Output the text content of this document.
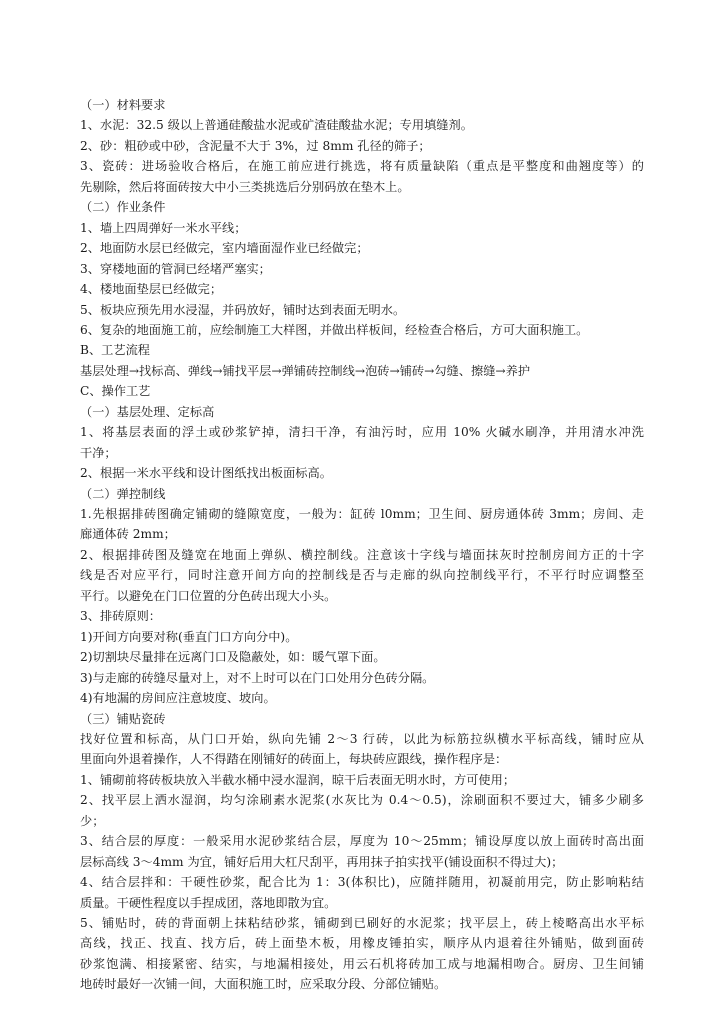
（一）材料要求
1、水泥：32.5 级以上普通硅酸盐水泥或矿渣硅酸盐水泥；专用填缝剂。
2、砂：粗砂或中砂，含泥量不大于 3%，过 8mm 孔径的筛子；
3、瓷砖：进场验收合格后，在施工前应进行挑选，将有质量缺陷（重点是平整度和曲翘度等）的
先剔除，然后将面砖按大中小三类挑选后分别码放在垫木上。
（二）作业条件
1、墙上四周弹好一米水平线；
2、地面防水层已经做完，室内墙面湿作业已经做完；
3、穿楼地面的管洞已经堵严塞实；
4、楼地面垫层已经做完；
5、板块应预先用水浸湿，并码放好，铺时达到表面无明水。
6、复杂的地面施工前，应绘制施工大样图，并做出样板间，经检查合格后，方可大面积施工。
B、工艺流程
基层处理→找标高、弹线→铺找平层→弹铺砖控制线→泡砖→铺砖→勾缝、擦缝→养护
C、操作工艺
（一）基层处理、定标高
1、将基层表面的浮土或砂浆铲掉，清扫干净，有油污时，应用 10% 火碱水刷净，并用清水冲洗
干净；
2、根据一米水平线和设计图纸找出板面标高。
（二）弹控制线
1.先根据排砖图确定铺砌的缝隙宽度，一般为：缸砖 l0mm；卫生间、厨房通体砖 3mm；房间、走
廊通体砖 2mm；
2、根据排砖图及缝宽在地面上弹纵、横控制线。注意该十字线与墙面抹灰时控制房间方正的十字
线是否对应平行，同时注意开间方向的控制线是否与走廊的纵向控制线平行，不平行时应调整至
平行。以避免在门口位置的分色砖出现大小头。
3、排砖原则：
1)开间方向要对称(垂直门口方向分中)。
2)切割块尽量排在远离门口及隐蔽处，如：暖气罩下面。
3)与走廊的砖缝尽量对上，对不上时可以在门口处用分色砖分隔。
4)有地漏的房间应注意坡度、坡向。
（三）铺贴瓷砖
找好位置和标高，从门口开始，纵向先铺 2～3 行砖，以此为标筋拉纵横水平标高线，铺时应从
里面向外退着操作，人不得踏在刚铺好的砖面上，每块砖应跟线，操作程序是：
1、铺砌前将砖板块放入半截水桶中浸水湿润，晾干后表面无明水时，方可使用；
2、找平层上洒水湿润，均匀涂刷素水泥浆(水灰比为 0.4～0.5)，涂刷面积不要过大，铺多少刷多
少；
3、结合层的厚度：一般采用水泥砂浆结合层，厚度为 10～25mm；铺设厚度以放上面砖时高出面
层标高线 3～4mm 为宜，铺好后用大杠尺刮平，再用抹子拍实找平(铺设面积不得过大)；
4、结合层拌和：干硬性砂浆，配合比为 1：3(体积比)，应随拌随用，初凝前用完，防止影响粘结
质量。干硬性程度以手捏成团，落地即散为宜。
5、铺贴时，砖的背面朝上抹粘结砂浆，铺砌到已刷好的水泥浆；找平层上，砖上棱略高出水平标
高线，找正、找直、找方后，砖上面垫木板，用橡皮锤拍实，顺序从内退着往外铺贴，做到面砖
砂浆饱满、相接紧密、结实，与地漏相接处，用云石机将砖加工成与地漏相吻合。厨房、卫生间铺
地砖时最好一次铺一间，大面积施工时，应采取分段、分部位铺贴。
